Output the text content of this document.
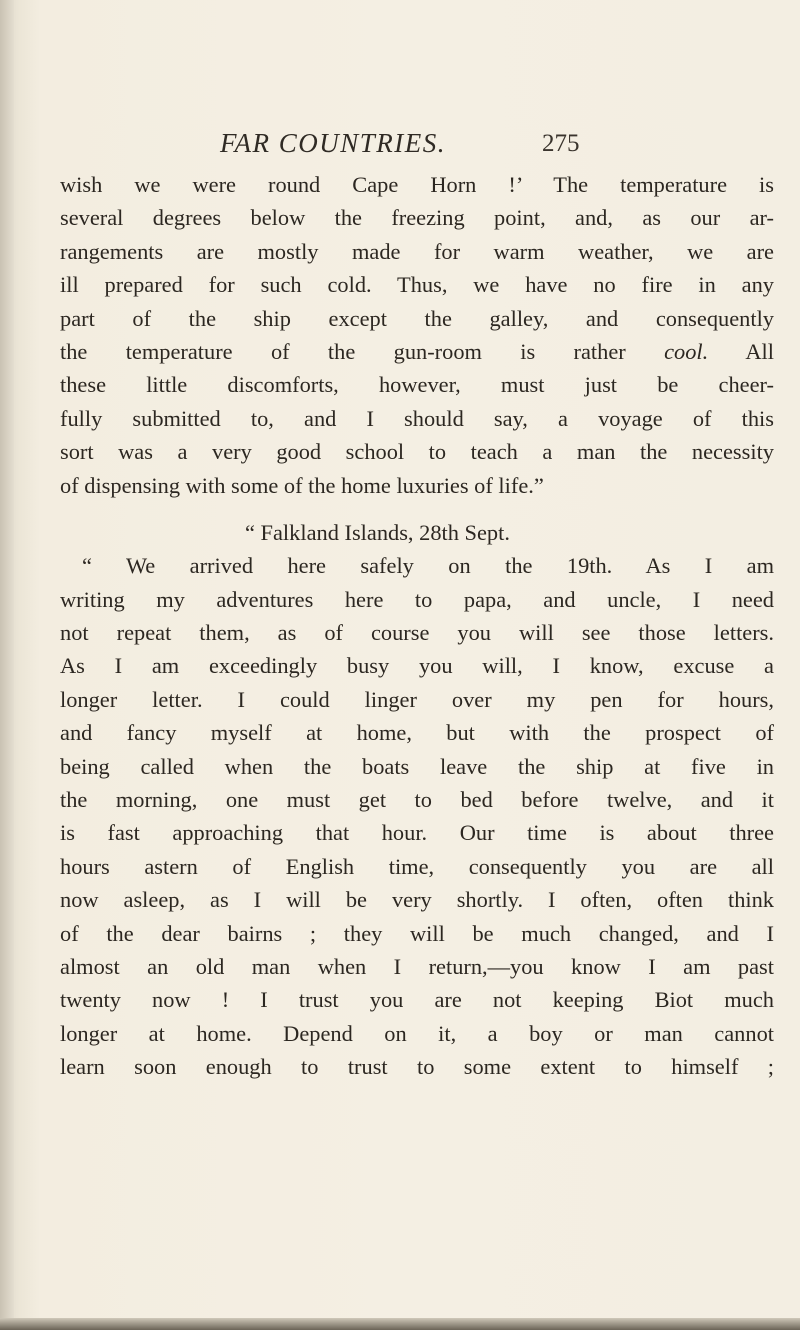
FAR COUNTRIES.	275
wish we were round Cape Horn !’ The temperature is
several degrees below the freezing point, and, as our ar-
rangements are mostly made for warm weather, we are
ill prepared for such cold. Thus, we have no fire in any
part of the ship except the galley, and consequently
the temperature of the gun-room is rather cool. All
these little discomforts, however, must just be cheer-
fully submitted to, and I should say, a voyage of this
sort was a very good school to teach a man the necessity
of dispensing with some of the home luxuries of life.”
“ Falkland Islands, 28th Sept.
“ We arrived here safely on the 19th. As I am
writing my adventures here to papa, and uncle, I need
not repeat them, as of course you will see those letters.
As I am exceedingly busy you will, I know, excuse a
longer letter. I could linger over my pen for hours,
and fancy myself at home, but with the prospect of
being called when the boats leave the ship at five in
the morning, one must get to bed before twelve, and it
is fast approaching that hour. Our time is about three
hours astern of English time, consequently you are all
now asleep, as I will be very shortly. I often, often think
of the dear bairns ; they will be much changed, and I
almost an old man when I return,—you know I am past
twenty now ! I trust you are not keeping Biot much
longer at home. Depend on it, a boy or man cannot
learn soon enough to trust to some extent to himself ;
